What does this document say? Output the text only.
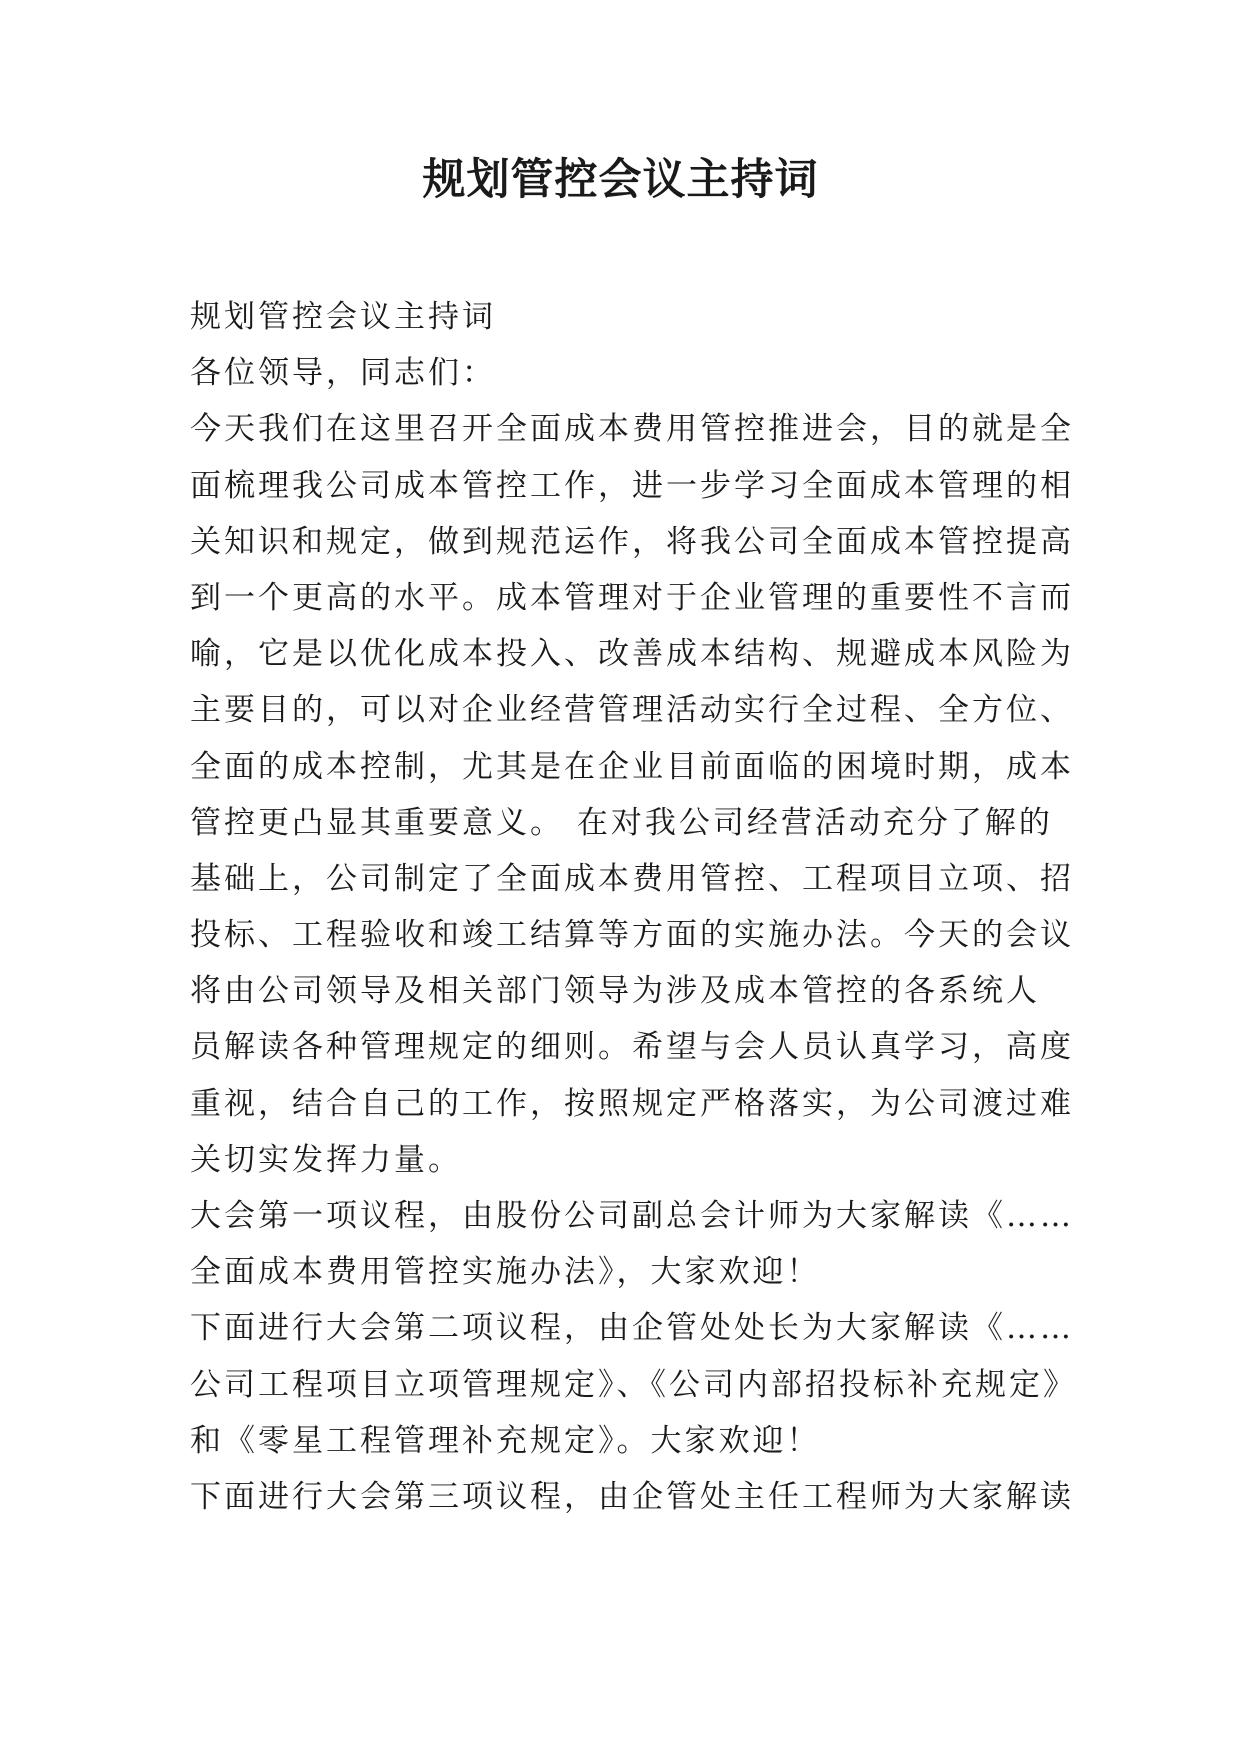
规划管控会议主持词
规划管控会议主持词
各位领导，同志们：
今天我们在这里召开全面成本费用管控推进会，目的就是全
面梳理我公司成本管控工作，进一步学习全面成本管理的相
关知识和规定，做到规范运作，将我公司全面成本管控提高
到一个更高的水平。成本管理对于企业管理的重要性不言而
喻，它是以优化成本投入、改善成本结构、规避成本风险为
主要目的，可以对企业经营管理活动实行全过程、全方位、
全面的成本控制，尤其是在企业目前面临的困境时期，成本
管控更凸显其重要意义。 在对我公司经营活动充分了解的
基础上，公司制定了全面成本费用管控、工程项目立项、招
投标、工程验收和竣工结算等方面的实施办法。今天的会议
将由公司领导及相关部门领导为涉及成本管控的各系统人
员解读各种管理规定的细则。希望与会人员认真学习，高度
重视，结合自己的工作，按照规定严格落实，为公司渡过难
关切实发挥力量。
大会第一项议程，由股份公司副总会计师为大家解读《……
全面成本费用管控实施办法》，大家欢迎！
下面进行大会第二项议程，由企管处处长为大家解读《……
公司工程项目立项管理规定》、《公司内部招投标补充规定》
和《零星工程管理补充规定》。大家欢迎！
下面进行大会第三项议程，由企管处主任工程师为大家解读
